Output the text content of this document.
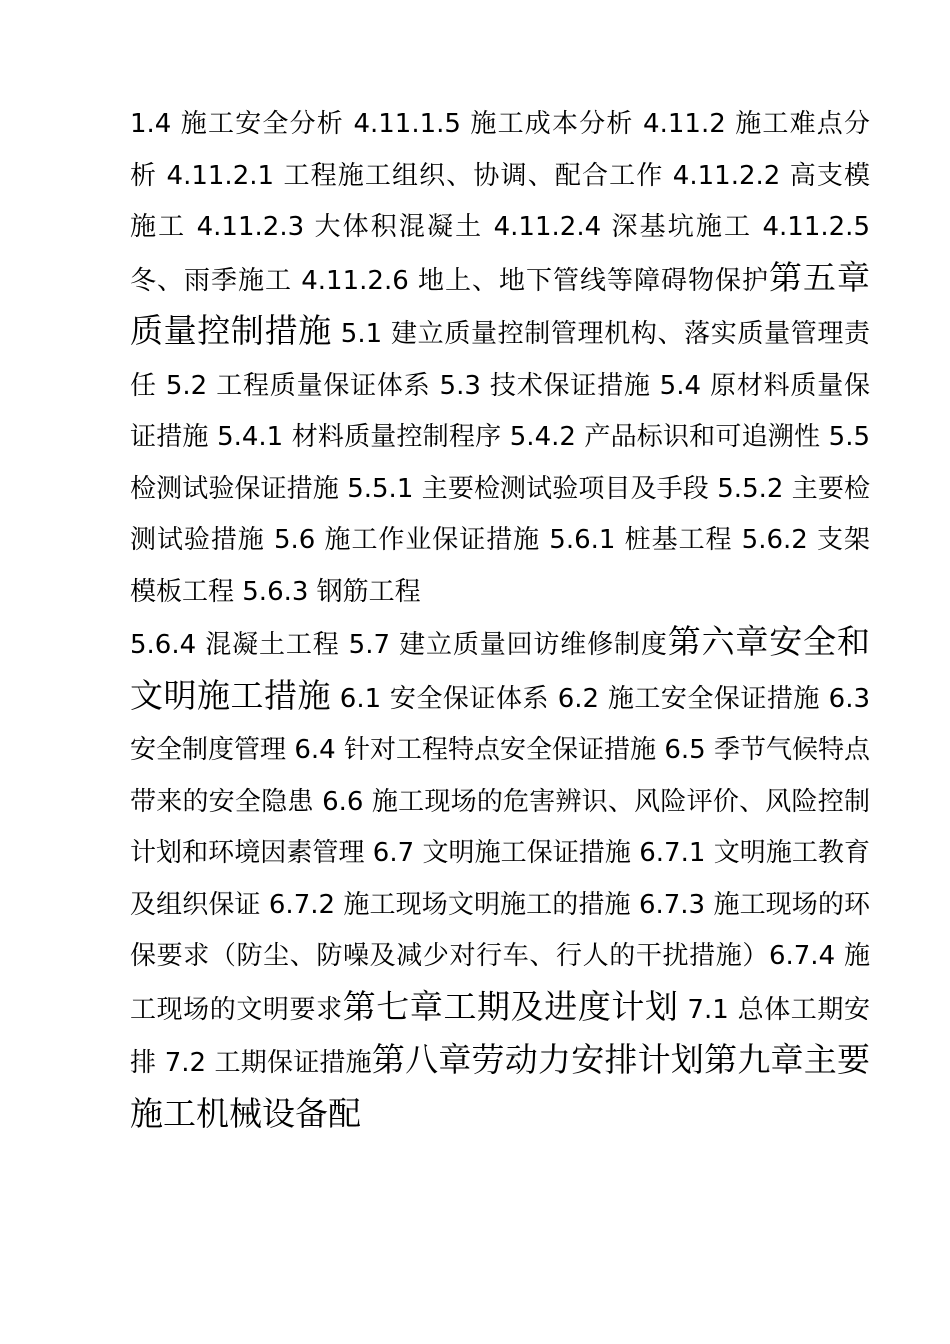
1.4 施工安全分析 4.11.1.5 施工成本分析 4.11.2 施工难点分析 4.11.2.1 工程施工组织、协调、配合工作 4.11.2.2 高支模施工 4.11.2.3 大体积混凝土 4.11.2.4 深基坑施工 4.11.2.5 冬、雨季施工 4.11.2.6 地上、地下管线等障碍物保护第五章质量控制措施 5.1 建立质量控制管理机构、落实质量管理责任 5.2 工程质量保证体系 5.3 技术保证措施 5.4 原材料质量保证措施 5.4.1 材料质量控制程序 5.4.2 产品标识和可追溯性 5.5 检测试验保证措施 5.5.1 主要检测试验项目及手段 5.5.2 主要检测试验措施 5.6 施工作业保证措施 5.6.1 桩基工程 5.6.2 支架模板工程 5.6.3 钢筋工程

5.6.4 混凝土工程 5.7 建立质量回访维修制度第六章安全和文明施工措施 6.1 安全保证体系 6.2 施工安全保证措施 6.3 安全制度管理 6.4 针对工程特点安全保证措施 6.5 季节气候特点带来的安全隐患 6.6 施工现场的危害辨识、风险评价、风险控制计划和环境因素管理 6.7 文明施工保证措施 6.7.1 文明施工教育及组织保证 6.7.2 施工现场文明施工的措施 6.7.3 施工现场的环保要求（防尘、防噪及减少对行车、行人的干扰措施）6.7.4 施工现场的文明要求第七章工期及进度计划 7.1 总体工期安排 7.2 工期保证措施第八章劳动力安排计划第九章主要施工机械设备配
